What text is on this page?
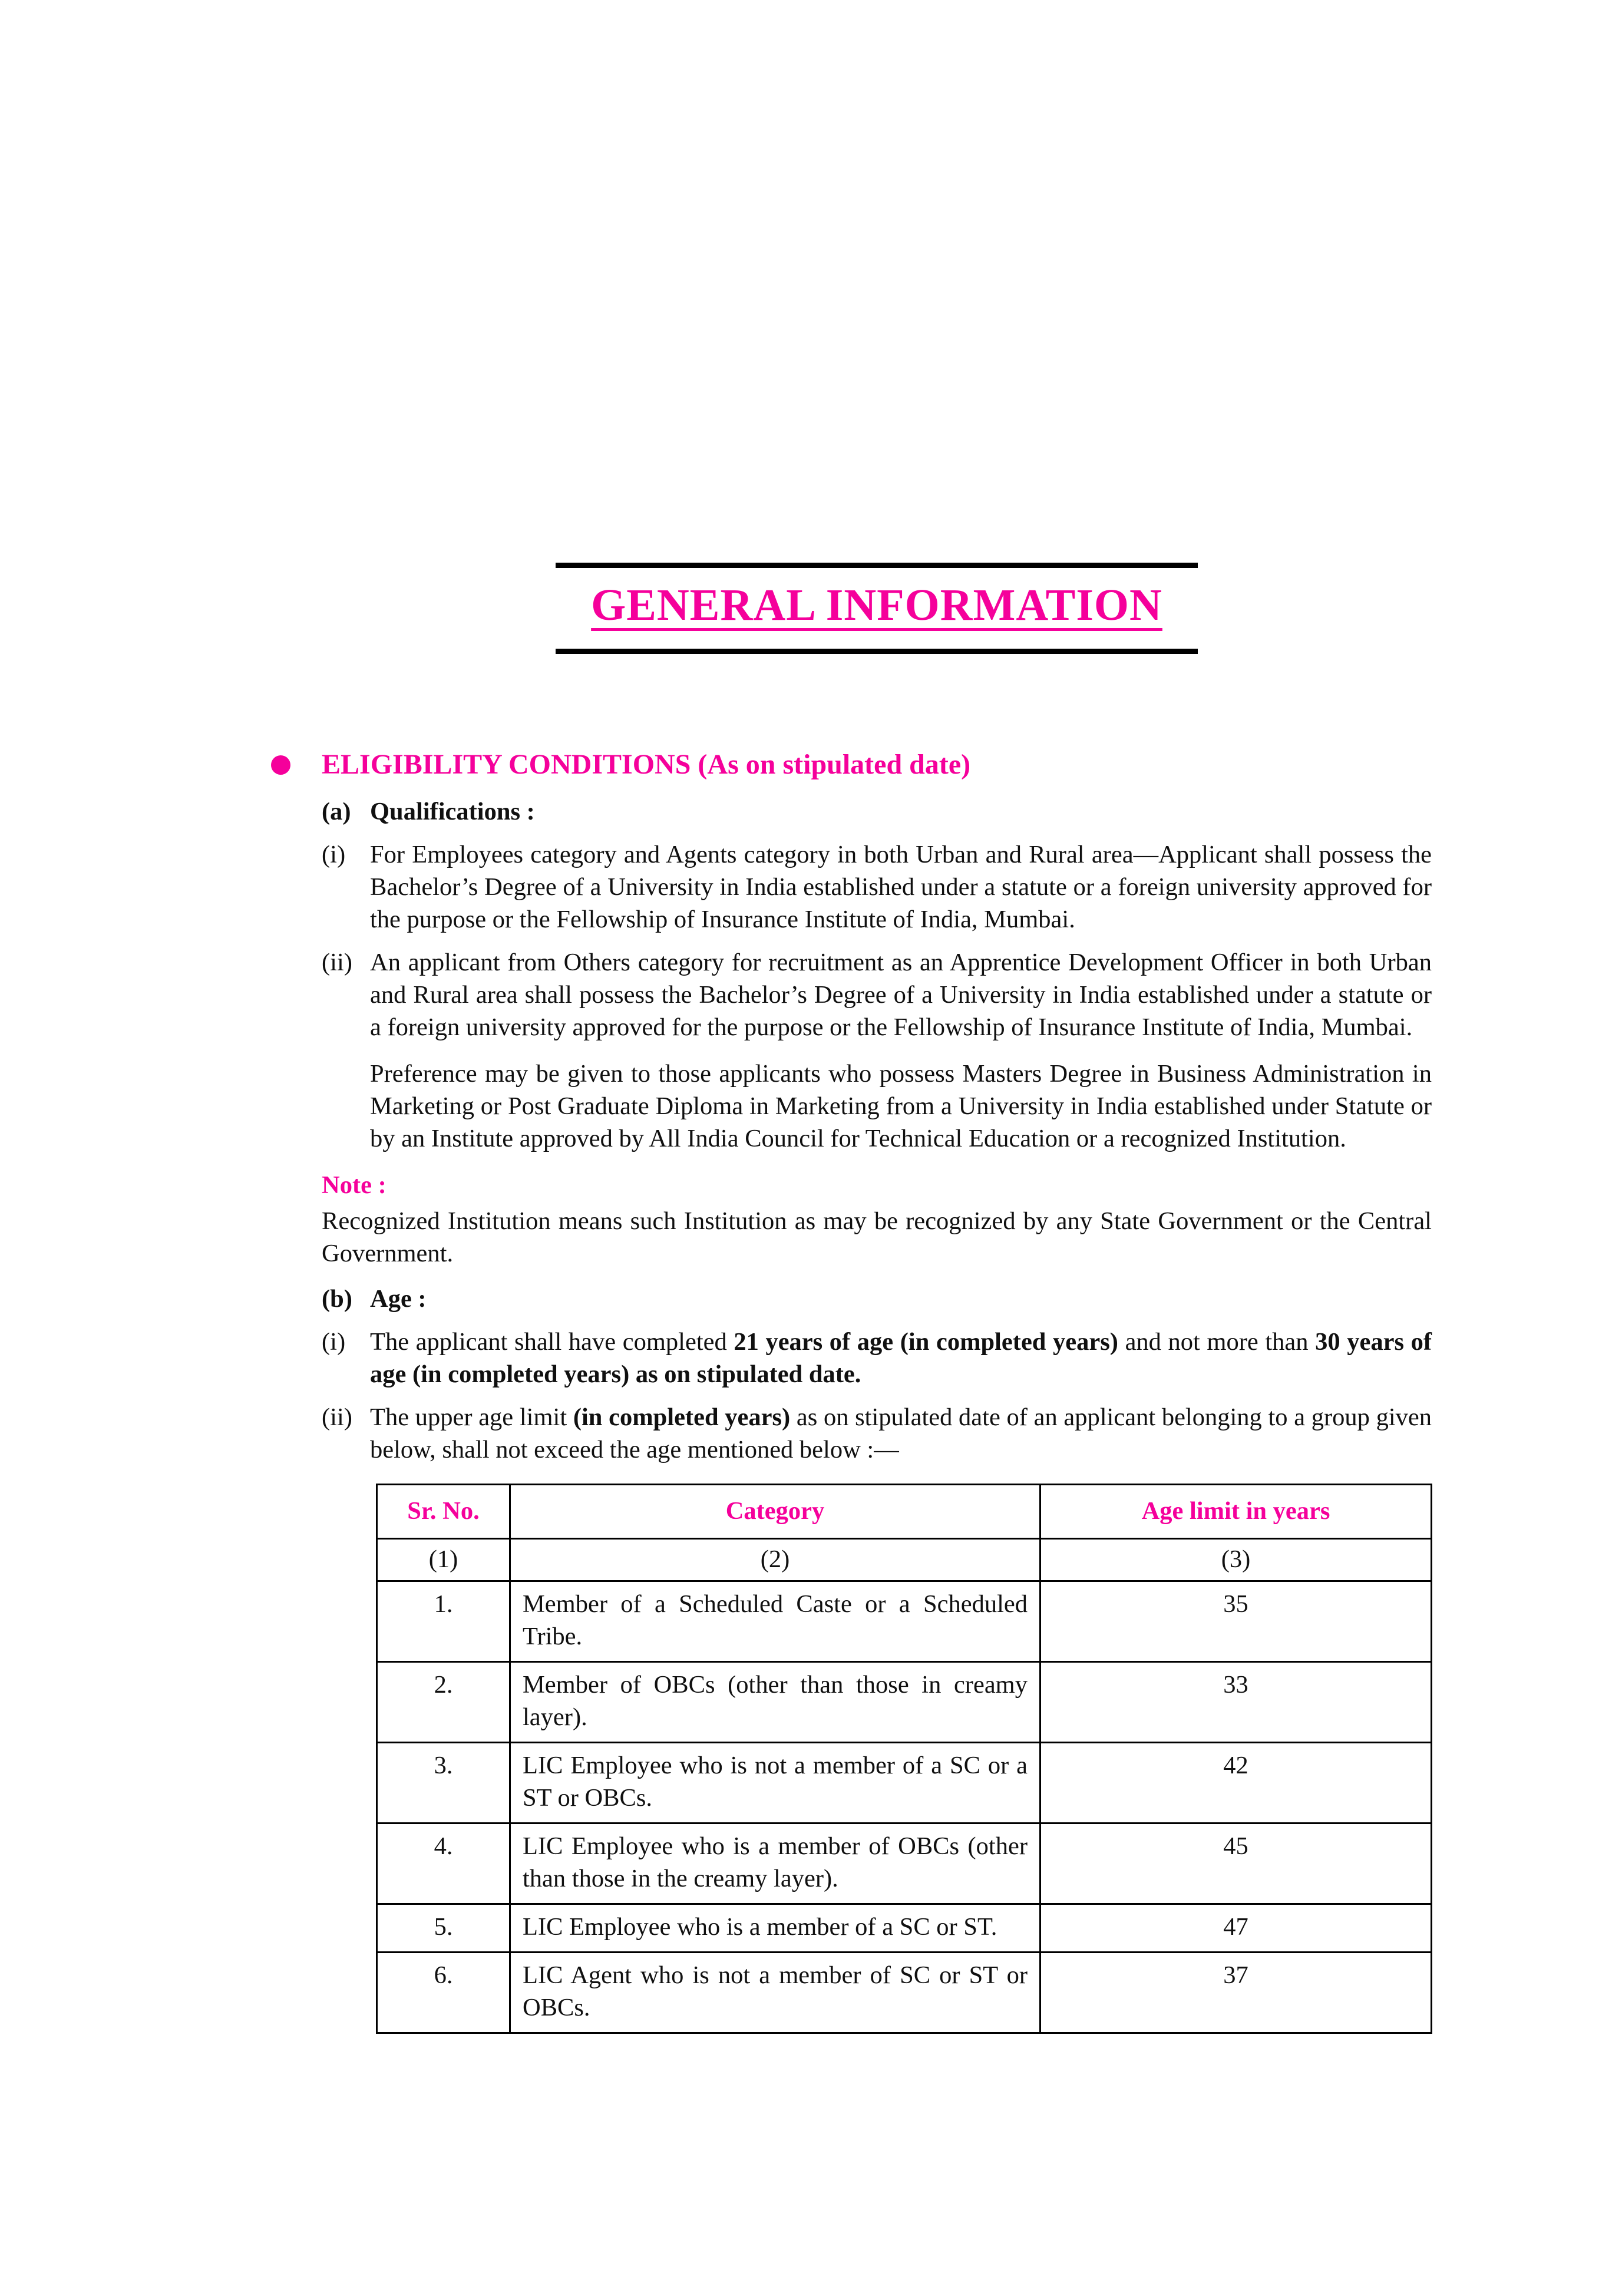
GENERAL INFORMATION
ELIGIBILITY CONDITIONS (As on stipulated date)
(a) Qualifications :
(i) For Employees category and Agents category in both Urban and Rural area—Applicant shall possess the Bachelor’s Degree of a University in India established under a statute or a foreign university approved for the purpose or the Fellowship of Insurance Institute of India, Mumbai.
(ii) An applicant from Others category for recruitment as an Apprentice Development Officer in both Urban and Rural area shall possess the Bachelor’s Degree of a University in India established under a statute or a foreign university approved for the purpose or the Fellowship of Insurance Institute of India, Mumbai.
Preference may be given to those applicants who possess Masters Degree in Business Administration in Marketing or Post Graduate Diploma in Marketing from a University in India established under Statute or by an Institute approved by All India Council for Technical Education or a recognized Institution.
Note :
Recognized Institution means such Institution as may be recognized by any State Government or the Central Government.
(b) Age :
(i) The applicant shall have completed 21 years of age (in completed years) and not more than 30 years of age (in completed years) as on stipulated date.
(ii) The upper age limit (in completed years) as on stipulated date of an applicant belonging to a group given below, shall not exceed the age mentioned below :—
Sr. No.	Category	Age limit in years
(1)	(2)	(3)
1.	Member of a Scheduled Caste or a Scheduled Tribe.	35
2.	Member of OBCs (other than those in creamy layer).	33
3.	LIC Employee who is not a member of a SC or a ST or OBCs.	42
4.	LIC Employee who is a member of OBCs (other than those in the creamy layer).	45
5.	LIC Employee who is a member of a SC or ST.	47
6.	LIC Agent who is not a member of SC or ST or OBCs.	37
